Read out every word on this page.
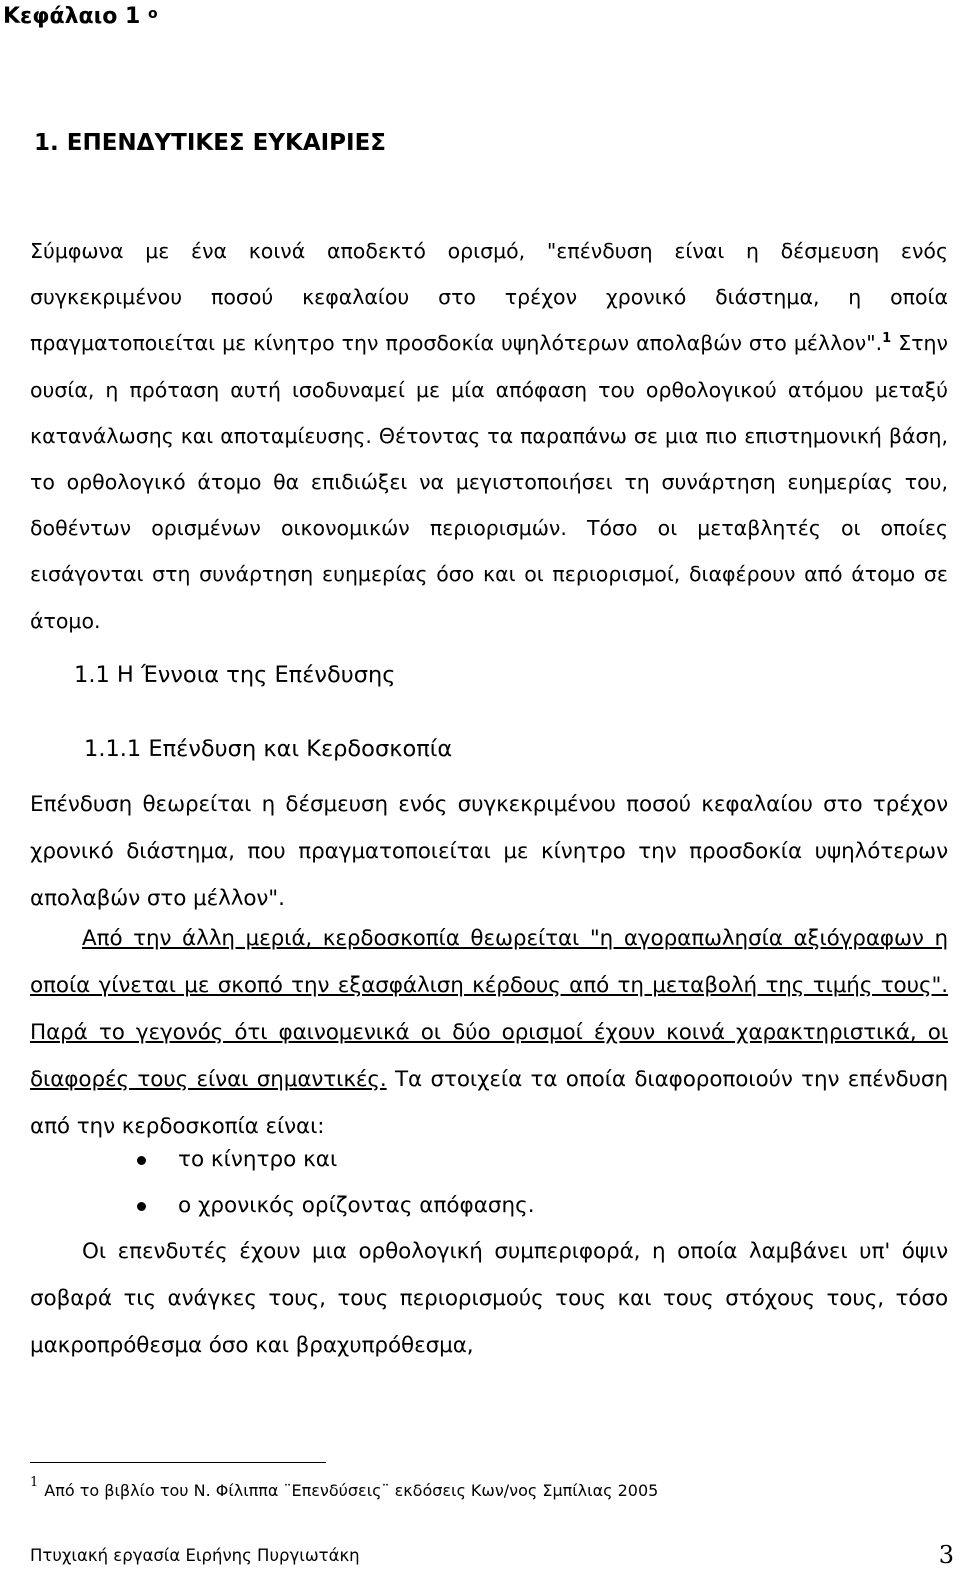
Κεφάλαιο 1 $^o$
1. ΕΠΕΝΔΥΤΙΚΕΣ ΕΥΚΑΙΡΙΕΣ
Σύμφωνα με ένα κοινά αποδεκτό ορισμό, "επένδυση είναι η δέσμευση ενός συγκεκριμένου ποσού κεφαλαίου στο τρέχον χρονικό διάστημα, η οποία πραγματοποιείται με κίνητρο την προσδοκία υψηλότερων απολαβών στο μέλλον".$^1$ Στην ουσία, η πρόταση αυτή ισοδυναμεί με μία απόφαση του ορθολογικού ατόμου μεταξύ κατανάλωσης και αποταμίευσης. Θέτοντας τα παραπάνω σε μια πιο επιστημονική βάση, το ορθολογικό άτομο θα επιδιώξει να μεγιστοποιήσει τη συνάρτηση ευημερίας του, δοθέντων ορισμένων οικονομικών περιορισμών. Τόσο οι μεταβλητές οι οποίες εισάγονται στη συνάρτηση ευημερίας όσο και οι περιορισμοί, διαφέρουν από άτομο σε άτομο.
1.1 Η Έννοια της Επένδυσης
1.1.1 Επένδυση και Κερδοσκοπία
Επένδυση θεωρείται η δέσμευση ενός συγκεκριμένου ποσού κεφαλαίου στο τρέχον χρονικό διάστημα, που πραγματοποιείται με κίνητρο την προσδοκία υψηλότερων απολαβών στο μέλλον".
Από την άλλη μεριά, κερδοσκοπία θεωρείται "η αγοραπωλησία αξιόγραφων η οποία γίνεται με σκοπό την εξασφάλιση κέρδους από τη μεταβολή της τιμής τους". Παρά το γεγονός ότι φαινομενικά οι δύο ορισμοί έχουν κοινά χαρακτηριστικά, οι διαφορές τους είναι σημαντικές. Τα στοιχεία τα οποία διαφοροποιούν την επένδυση από την κερδοσκοπία είναι:
το κίνητρο και
ο χρονικός ορίζοντας απόφασης.
Οι επενδυτές έχουν μια ορθολογική συμπεριφορά, η οποία λαμβάνει υπ' όψιν σοβαρά τις ανάγκες τους, τους περιορισμούς τους και τους στόχους τους, τόσο μακροπρόθεσμα όσο και βραχυπρόθεσμα,
$^1$ Από το βιβλίο του Ν. Φίλιππα ¨Επενδύσεις¨ εκδόσεις Κων/νος Σμπίλιας 2005
Πτυχιακή εργασία Ειρήνης Πυργιωτάκη	3
